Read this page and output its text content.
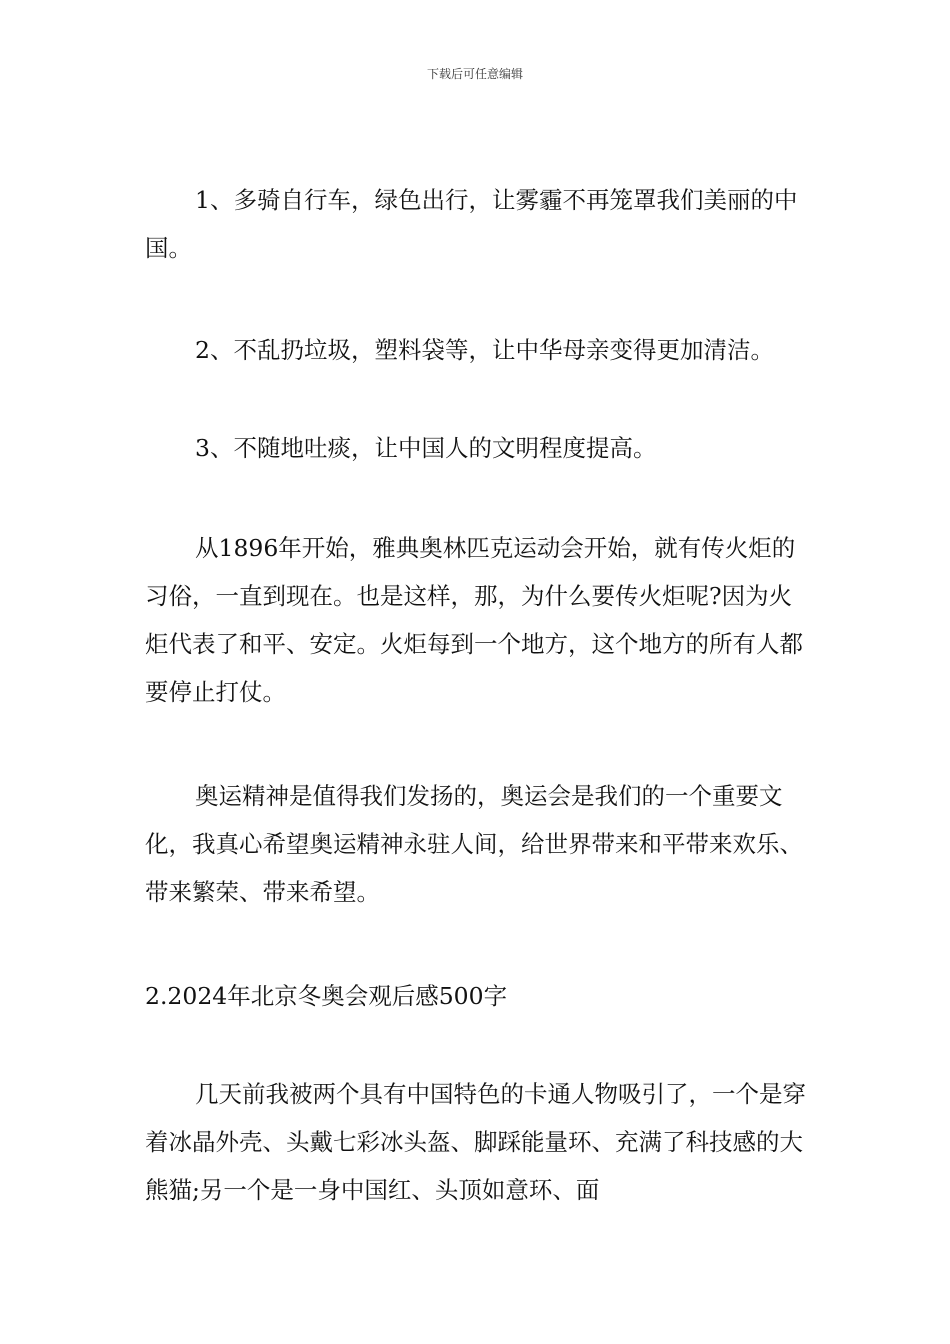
下载后可任意编辑

1、多骑自行车，绿色出行，让雾霾不再笼罩我们美丽的中国。

2、不乱扔垃圾，塑料袋等，让中华母亲变得更加清洁。

3、不随地吐痰，让中国人的文明程度提高。

从1896年开始，雅典奥林匹克运动会开始，就有传火炬的习俗，一直到现在。也是这样，那，为什么要传火炬呢?因为火炬代表了和平、安定。火炬每到一个地方，这个地方的所有人都要停止打仗。

奥运精神是值得我们发扬的，奥运会是我们的一个重要文化，我真心希望奥运精神永驻人间，给世界带来和平带来欢乐、带来繁荣、带来希望。

2.2024年北京冬奥会观后感500字

几天前我被两个具有中国特色的卡通人物吸引了，一个是穿着冰晶外壳、头戴七彩冰头盔、脚踩能量环、充满了科技感的大熊猫;另一个是一身中国红、头顶如意环、面
